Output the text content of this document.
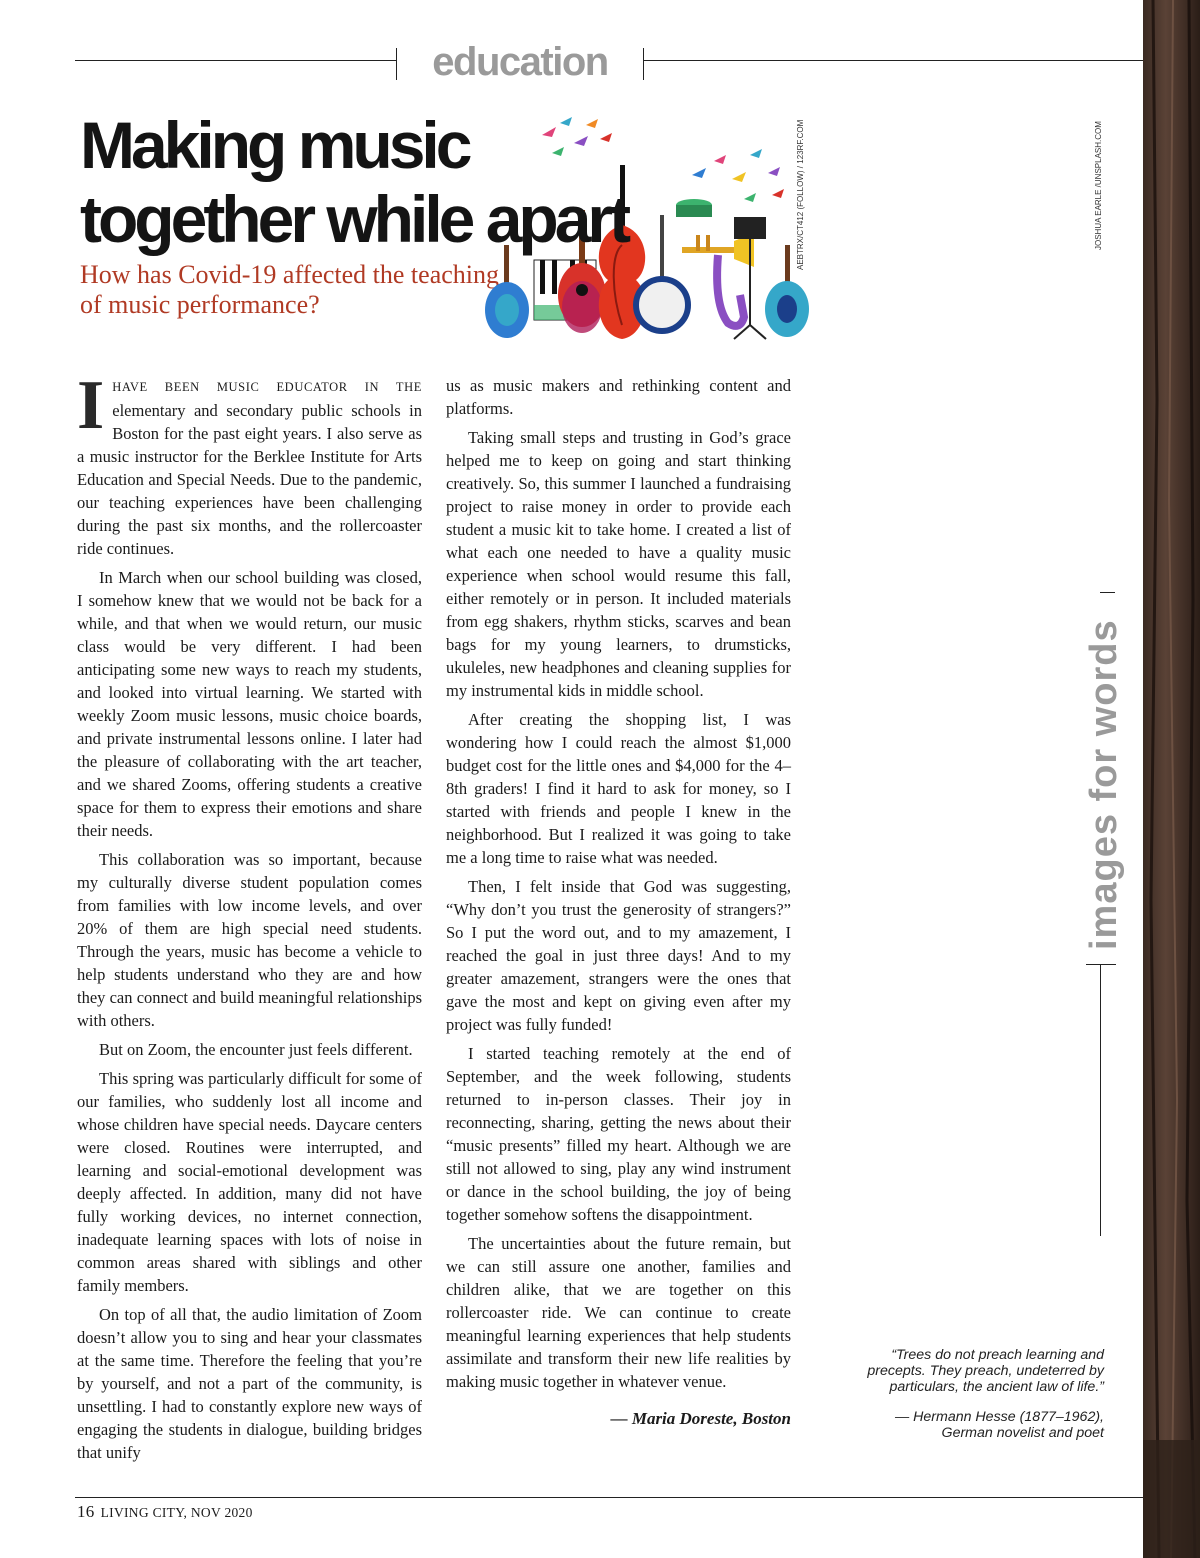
education
Making music together while apart

How has Covid-19 affected the teaching of music performance?

AEBTRX/CT412 (FOLLOW) / 123RF.COM

IHAVE BEEN MUSIC EDUCATOR IN THE elementary and secondary public schools in Boston for the past eight years. I also serve as a music instructor for the Berklee Institute for Arts Education and Special Needs. Due to the pandemic, our teaching experiences have been challenging during the past six months, and the rollercoaster ride continues.

In March when our school building was closed, I somehow knew that we would not be back for a while, and that when we would return, our music class would be very different. I had been anticipating some new ways to reach my students, and looked into virtual learning. We started with weekly Zoom music lessons, music choice boards, and private instrumental lessons online. I later had the pleasure of collaborating with the art teacher, and we shared Zooms, offering students a creative space for them to express their emotions and share their needs.

This collaboration was so important, because my culturally diverse student population comes from families with low income levels, and over 20% of them are high special need students. Through the years, music has become a vehicle to help students understand who they are and how they can connect and build meaningful relationships with others.

But on Zoom, the encounter just feels different.

This spring was particularly difficult for some of our families, who suddenly lost all income and whose children have special needs. Daycare centers were closed. Routines were interrupted, and learning and social-emotional development was deeply affected. In addition, many did not have fully working devices, no internet connection, inadequate learning spaces with lots of noise in common areas shared with siblings and other family members.

On top of all that, the audio limitation of Zoom doesn’t allow you to sing and hear your classmates at the same time. Therefore the feeling that you’re by yourself, and not a part of the community, is unsettling. I had to constantly explore new ways of engaging the students in dialogue, building bridges that unify

us as music makers and rethinking content and platforms.

Taking small steps and trusting in God’s grace helped me to keep on going and start thinking creatively. So, this summer I launched a fundraising project to raise money in order to provide each student a music kit to take home. I created a list of what each one needed to have a quality music experience when school would resume this fall, either remotely or in person. It included materials from egg shakers, rhythm sticks, scarves and bean bags for my young learners, to drumsticks, ukuleles, new headphones and cleaning supplies for my instrumental kids in middle school.

After creating the shopping list, I was wondering how I could reach the almost $1,000 budget cost for the little ones and $4,000 for the 4–8th graders! I find it hard to ask for money, so I started with friends and people I knew in the neighborhood. But I realized it was going to take me a long time to raise what was needed.

Then, I felt inside that God was suggesting, “Why don’t you trust the generosity of strangers?” So I put the word out, and to my amazement, I reached the goal in just three days! And to my greater amazement, strangers were the ones that gave the most and kept on giving even after my project was fully funded!

I started teaching remotely at the end of September, and the week following, students returned to in-person classes. Their joy in reconnecting, sharing, getting the news about their “music presents” filled my heart. Although we are still not allowed to sing, play any wind instrument or dance in the school building, the joy of being together somehow softens the disappointment.

The uncertainties about the future remain, but we can still assure one another, families and children alike, that we are together on this rollercoaster ride. We can continue to create meaningful learning experiences that help students assimilate and transform their new life realities by making music together in whatever venue.

— Maria Doreste, Boston

images for words
JOSHUA EARLE /UNSPLASH.COM

“Trees do not preach learning and precepts. They preach, undeterred by particulars, the ancient law of life.”

— Hermann Hesse (1877–1962), German novelist and poet

16 LIVING CITY, NOV 2020
